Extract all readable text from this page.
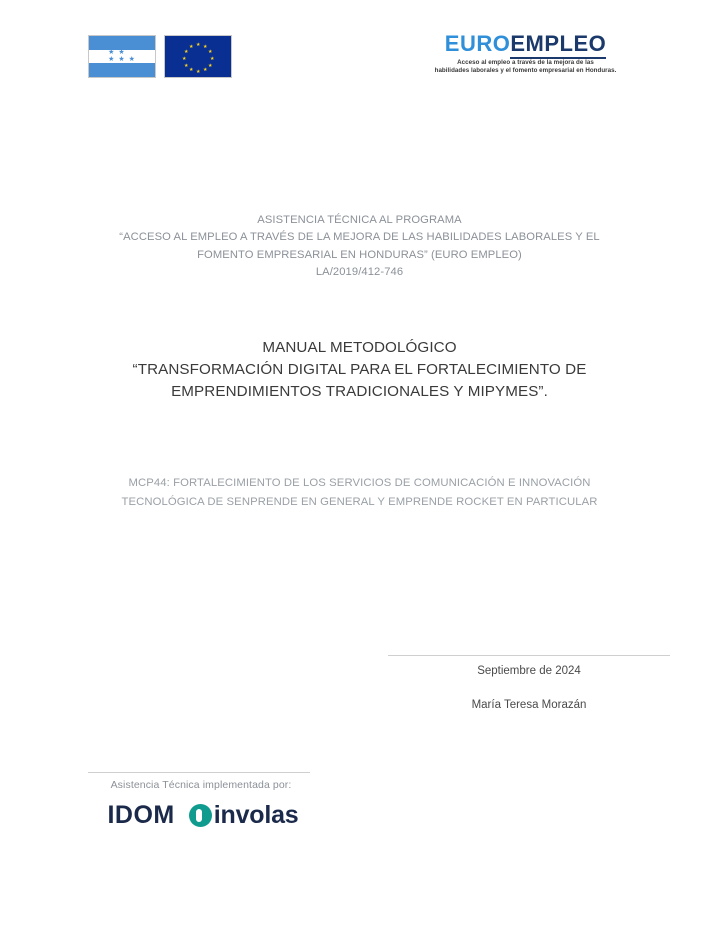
★ ★
★ ★ ★
★ ★
★
★
★
★
★
★
★
★
★
★	EUROEMPLEO
Acceso al empleo a través de la mejora de las
habilidades laborales y el fomento empresarial en Honduras.
ASISTENCIA TÉCNICA AL PROGRAMA
“ACCESO AL EMPLEO A TRAVÉS DE LA MEJORA DE LAS HABILIDADES LABORALES Y EL
FOMENTO EMPRESARIAL EN HONDURAS” (EURO EMPLEO)
LA/2019/412-746
MANUAL METODOLÓGICO
“TRANSFORMACIÓN DIGITAL PARA EL FORTALECIMIENTO DE
EMPRENDIMIENTOS TRADICIONALES Y MIPYMES”.
MCP44: FORTALECIMIENTO DE LOS SERVICIOS DE COMUNICACIÓN E INNOVACIÓN
TECNOLÓGICA DE SENPRENDE EN GENERAL Y EMPRENDE ROCKET EN PARTICULAR
Septiembre de 2024
María Teresa Morazán
Asistencia Técnica implementada por:
IDOM involas
